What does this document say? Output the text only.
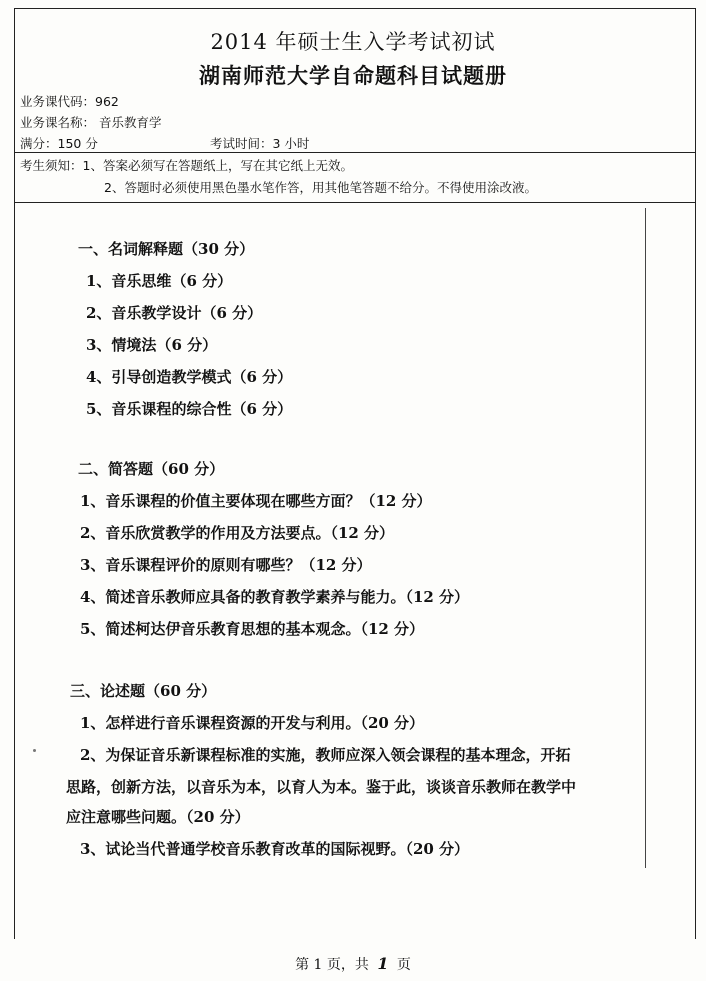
2014 年硕士生入学考试初试
湖南师范大学自命题科目试题册
业务课代码：962
业务课名称： 音乐教育学
满分：150 分	考试时间：3 小时
考生须知：1、答案必须写在答题纸上，写在其它纸上无效。
2、答题时必须使用黑色墨水笔作答，用其他笔答题不给分。不得使用涂改液。
一、名词解释题（30 分）
1、音乐思维（6 分）
2、音乐教学设计（6 分）
3、情境法（6 分）
4、引导创造教学模式（6 分）
5、音乐课程的综合性（6 分）
二、简答题（60 分）
1、音乐课程的价值主要体现在哪些方面？（12 分）
2、音乐欣赏教学的作用及方法要点。（12 分）
3、音乐课程评价的原则有哪些？（12 分）
4、简述音乐教师应具备的教育教学素养与能力。（12 分）
5、简述柯达伊音乐教育思想的基本观念。（12 分）
三、论述题（60 分）
1、怎样进行音乐课程资源的开发与利用。（20 分）
2、为保证音乐新课程标准的实施，教师应深入领会课程的基本理念，开拓
思路，创新方法，以音乐为本，以育人为本。鉴于此，谈谈音乐教师在教学中
应注意哪些问题。（20 分）
3、试论当代普通学校音乐教育改革的国际视野。（20 分）
第 1 页，共 1 页
